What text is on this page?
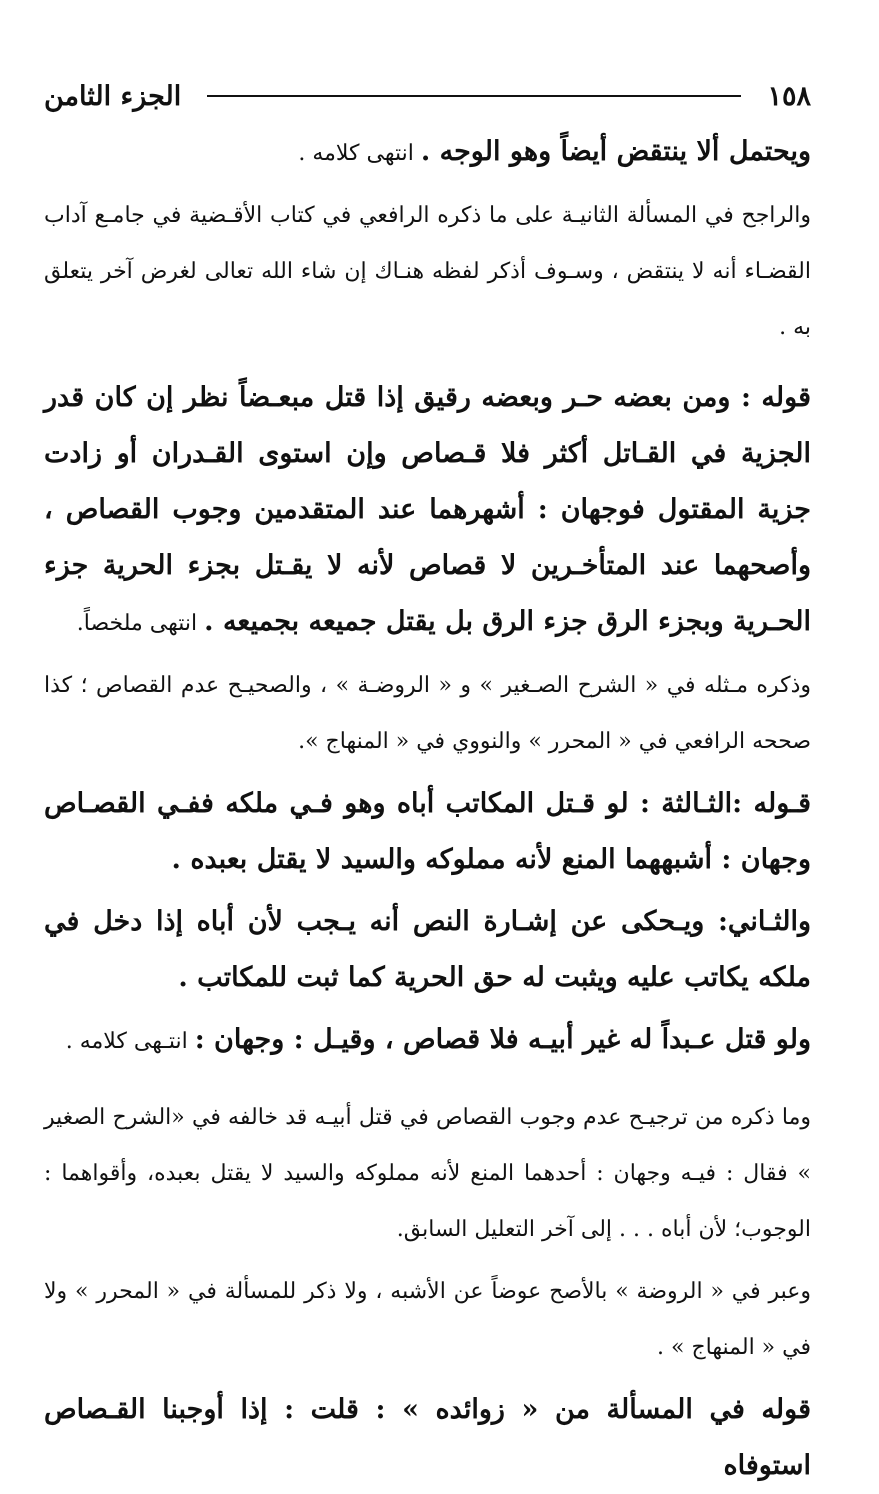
١٥٨
الجزء الثامن

ويحتمل ألا ينتقض أيضاً وهو الوجه . انتهى كلامه .

والراجح في المسألة الثانيـة على ما ذكره الرافعي في كتاب الأقـضية في جامـع آداب القضـاء أنه لا ينتقض ، وسـوف أذكر لفظه هنـاك إن شاء الله تعالى لغرض آخر يتعلق به .

قوله : ومن بعضه حـر وبعضه رقيق إذا قتل مبعـضاً نظر إن كان قدر الجزية في القـاتل أكثر فلا قـصاص وإن استوى القـدران أو زادت جزية المقتول فوجهان : أشهرهما عند المتقدمين وجوب القصاص ، وأصحهما عند المتأخـرين لا قصاص لأنه لا يقـتل بجزء الحرية جزء الحـرية وبجزء الرق جزء الرق بل يقتل جميعه بجميعه . انتهى ملخصاً.

وذكره مـثله في « الشرح الصـغير » و « الروضـة » ، والصحيـح عدم القصاص ؛ كذا صححه الرافعي في « المحرر » والنووي في « المنهاج ».

قـوله :الثـالثة : لو قـتل المكاتب أباه وهو فـي ملكه ففـي القصـاص وجهان : أشبههما المنع لأنه مملوكه والسيد لا يقتل بعبده .

والثـاني: ويـحكى عن إشـارة النص أنه يـجب لأن أباه إذا دخل في ملكه يكاتب عليه ويثبت له حق الحرية كما ثبت للمكاتب .

ولو قتل عـبداً له غير أبيـه فلا قصاص ، وقيـل : وجهان : انتـهى كلامه .

وما ذكره من ترجيـح عدم وجوب القصاص في قتل أبيـه قد خالفه في «الشرح الصغير » فقال : فيـه وجهان : أحدهما المنع لأنه مملوكه والسيد لا يقتل بعبده، وأقواهما : الوجوب؛ لأن أباه . . . إلى آخر التعليل السابق.

وعبر في « الروضة » بالأصح عوضاً عن الأشبه ، ولا ذكر للمسألة في « المحرر » ولا في « المنهاج » .

قوله في المسألة من « زوائده » : قلت : إذا أوجبنا القـصاص استوفاه
